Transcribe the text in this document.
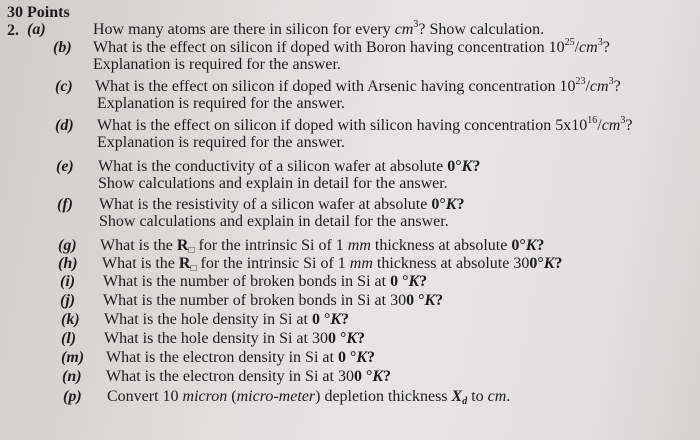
30 Points
2. (a)	How many atoms are there in silicon for every $cm^3$? Show calculation.
(b) What is the effect on silicon if doped with Boron having concentration $10^{25}/cm^3$?
Explanation is required for the answer.
(c) What is the effect on silicon if doped with Arsenic having concentration $10^{23}/cm^3$?
Explanation is required for the answer.
(d) What is the effect on silicon if doped with silicon having concentration $5x10^{16}/cm^3$?
Explanation is required for the answer.
(e) What is the conductivity of a silicon wafer at absolute 0°K?
Show calculations and explain in detail for the answer.
(f) What is the resistivity of a silicon wafer at absolute 0°K?
Show calculations and explain in detail for the answer.
(g) What is the $R_□$ for the intrinsic Si of 1 mm thickness at absolute 0°K?
(h) What is the $R_□$ for the intrinsic Si of 1 mm thickness at absolute 300°K?
(i) What is the number of broken bonds in Si at 0 °K?
(j) What is the number of broken bonds in Si at 300 °K?
(k) What is the hole density in Si at 0 °K?
(l) What is the hole density in Si at 300 °K?
(m) What is the electron density in Si at 0 °K?
(n) What is the electron density in Si at 300 °K?
(p) Convert 10 micron (micro-meter) depletion thickness $X_d$ to cm.
